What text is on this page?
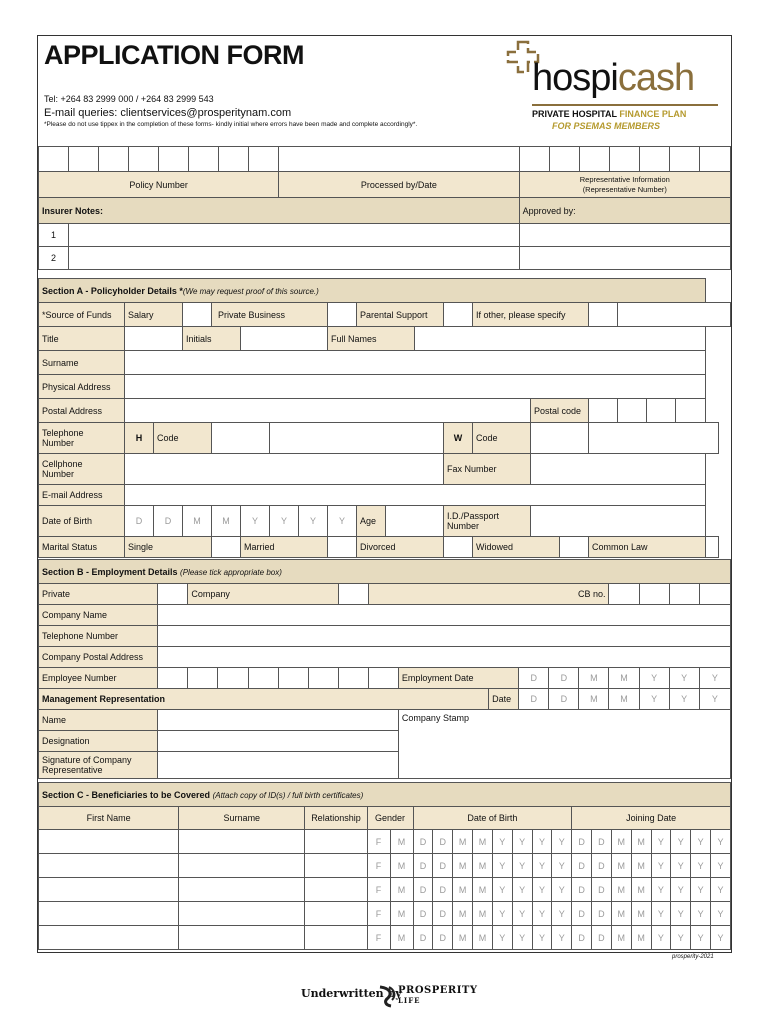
APPLICATION FORM
Tel: +264 83 2999 000 / +264 83 2999 543
E-mail queries: clientservices@prosperitynam.com
*Please do not use tippex in the completion of these forms- kindly initial where errors have been made and complete accordingly*.
hospicash
PRIVATE HOSPITAL FINANCE PLAN
FOR PSEMAS MEMBERS

Policy Number								Processed by/Date	Representative Information
(Representative Number)						
Insurer Notes:									Approved by:						
1															
2															
Section A - Policyholder Details *(We may request proof of this source.)																				
*Source of Funds	Salary			Private Business					Parental Support				If other, please specify							
Title			Initials					Full Names												
Surname																				
Physical Address																				
Postal Address														Postal code						
Telephone
Number	H	Code										W	Code							
Cellphone
Number												Fax Number								
E-mail Address																				
Date of Birth	D	D	M	M	Y	Y	Y	Y	Age			I.D./Passport
Number								
Marital Status	Single				Married				Divorced				Widowed			Common Law				
Section B - Employment Details (Please tick appropriate box)																	
Private		Company						CB no.									
Company Name																	
Telephone Number																	
Company Postal Address																	
Employee Number									Employment Date		D	D	M	M	Y	Y	Y
Management Representation										Date	D	D	M	M	Y	Y	Y
Name									Company Stamp								
Designation																	
Signature of Company
Representative																	
Section C - Beneficiaries to be Covered (Attach copy of ID(s) / full birth certificates)																				
First Name	Surname	Relationship	Gender		Date of Birth								Joining Date							
			F	M	D	D	M	M	Y	Y	Y	Y	D	D	M	M	Y	Y	Y	Y
			F	M	D	D	M	M	Y	Y	Y	Y	D	D	M	M	Y	Y	Y	Y
			F	M	D	D	M	M	Y	Y	Y	Y	D	D	M	M	Y	Y	Y	Y
			F	M	D	D	M	M	Y	Y	Y	Y	D	D	M	M	Y	Y	Y	Y
			F	M	D	D	M	M	Y	Y	Y	Y	D	D	M	M	Y	Y	Y	Y
prosperity-2021
Underwritten by
PROSPERITY
LIFE
